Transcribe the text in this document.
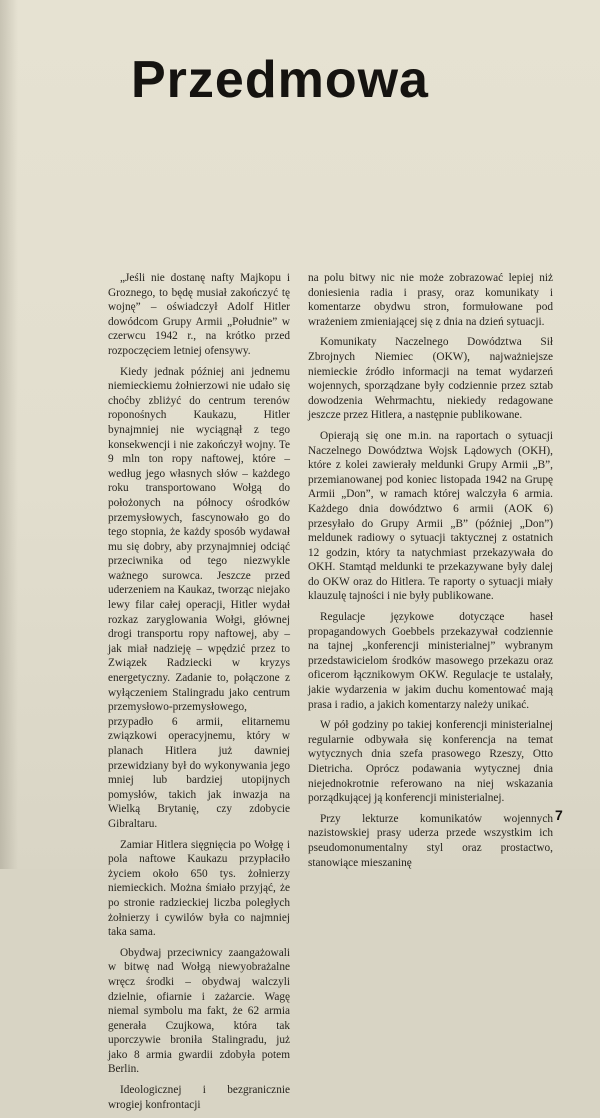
Przedmowa

„Jeśli nie dostanę nafty Majkopu i Groznego, to będę musiał zakończyć tę wojnę” – oświadczył Adolf Hitler dowódcom Grupy Armii „Południe” w czerwcu 1942 r., na krótko przed rozpoczęciem letniej ofensywy.

Kiedy jednak później ani jednemu niemieckiemu żołnierzowi nie udało się choćby zbliżyć do centrum terenów roponośnych Kaukazu, Hitler bynajmniej nie wyciągnął z tego konsekwencji i nie zakończył wojny. Te 9 mln ton ropy naftowej, które – według jego własnych słów – każdego roku transportowano Wołgą do położonych na północy ośrodków przemysłowych, fascynowało go do tego stopnia, że każdy sposób wydawał mu się dobry, aby przynajmniej odciąć przeciwnika od tego niezwykle ważnego surowca. Jeszcze przed uderzeniem na Kaukaz, tworząc niejako lewy filar całej operacji, Hitler wydał rozkaz zaryglowania Wołgi, głównej drogi transportu ropy naftowej, aby – jak miał nadzieję – wpędzić przez to Związek Radziecki w kryzys energetyczny. Zadanie to, połączone z wyłączeniem Stalingradu jako centrum przemysłowo-przemysłowego, przypadło 6 armii, elitarnemu związkowi operacyjnemu, który w planach Hitlera już dawniej przewidziany był do wykonywania jego mniej lub bardziej utopijnych pomysłów, takich jak inwazja na Wielką Brytanię, czy zdobycie Gibraltaru.

Zamiar Hitlera sięgnięcia po Wołgę i pola naftowe Kaukazu przypłaciło życiem około 650 tys. żołnierzy niemieckich. Można śmiało przyjąć, że po stronie radzieckiej liczba poległych żołnierzy i cywilów była co najmniej taka sama.

Obydwaj przeciwnicy zaangażowali w bitwę nad Wołgą niewyobrażalne wręcz środki – obydwaj walczyli dzielnie, ofiarnie i zażarcie. Wagę niemal symbolu ma fakt, że 62 armia generała Czujkowa, która tak uporczywie broniła Stalingradu, już jako 8 armia gwardii zdobyła potem Berlin.

Ideologicznej i bezgranicznie wrogiej konfrontacji

na polu bitwy nic nie może zobrazować lepiej niż doniesienia radia i prasy, oraz komunikaty i komentarze obydwu stron, formułowane pod wrażeniem zmieniającej się z dnia na dzień sytuacji.

Komunikaty Naczelnego Dowództwa Sił Zbrojnych Niemiec (OKW), najważniejsze niemieckie źródło informacji na temat wydarzeń wojennych, sporządzane były codziennie przez sztab dowodzenia Wehrmachtu, niekiedy redagowane jeszcze przez Hitlera, a następnie publikowane.

Opierają się one m.in. na raportach o sytuacji Naczelnego Dowództwa Wojsk Lądowych (OKH), które z kolei zawierały meldunki Grupy Armii „B”, przemianowanej pod koniec listopada 1942 na Grupę Armii „Don”, w ramach której walczyła 6 armia. Każdego dnia dowództwo 6 armii (AOK 6) przesyłało do Grupy Armii „B” (później „Don”) meldunek radiowy o sytuacji taktycznej z ostatnich 12 godzin, który ta natychmiast przekazywała do OKH. Stamtąd meldunki te przekazywane były dalej do OKW oraz do Hitlera. Te raporty o sytuacji miały klauzulę tajności i nie były publikowane.

Regulacje językowe dotyczące haseł propagandowych Goebbels przekazywał codziennie na tajnej „konferencji ministerialnej” wybranym przedstawicielom środków masowego przekazu oraz oficerom łącznikowym OKW. Regulacje te ustalały, jakie wydarzenia w jakim duchu komentować mają prasa i radio, a jakich komentarzy należy unikać.

W pół godziny po takiej konferencji ministerialnej regularnie odbywała się konferencja na temat wytycznych dnia szefa prasowego Rzeszy, Otto Dietricha. Oprócz podawania wytycznej dnia niejednokrotnie referowano na niej wskazania porządkującej ją konferencji ministerialnej.

Przy lekturze komunikatów wojennych nazistowskiej prasy uderza przede wszystkim ich pseudomonumentalny styl oraz prostactwo, stanowiące mieszaninę

7
